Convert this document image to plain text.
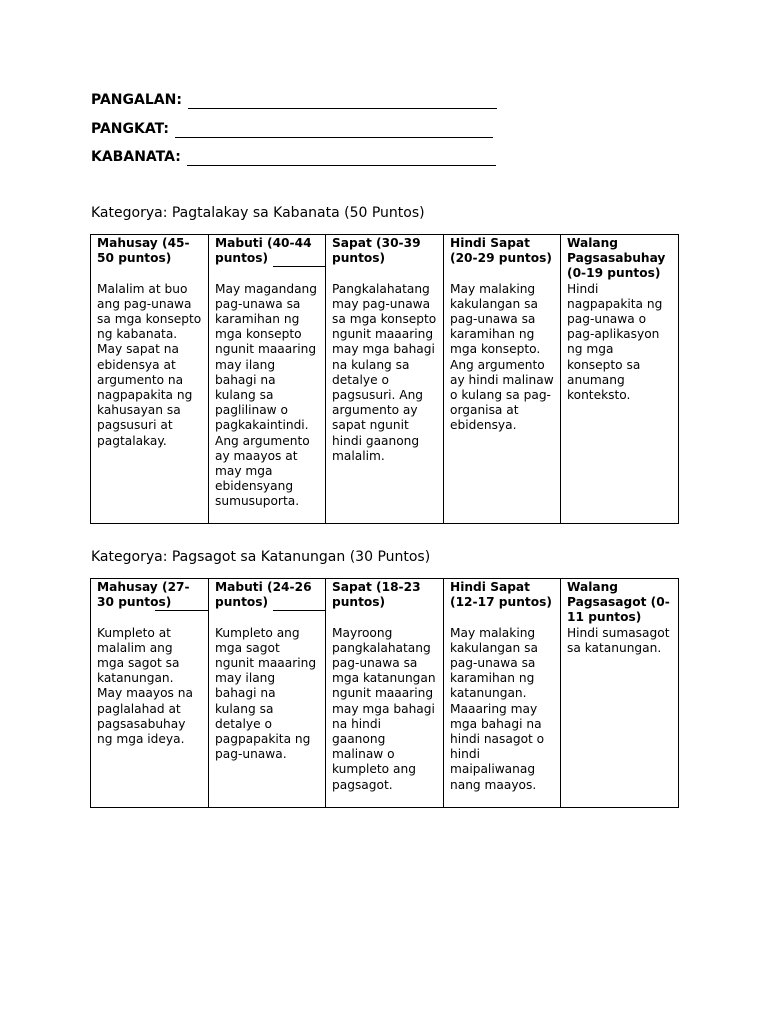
PANGALAN:
PANGKAT:
KABANATA:
Kategorya: Pagtalakay sa Kabanata (50 Puntos)
Mahusay (45-50 puntos)	Mabuti (40-44 puntos)	Sapat (30-39 puntos)	Hindi Sapat (20-29 puntos)	Walang Pagsasabuhay (0-19 puntos)
Malalim at buo ang pag-unawa sa mga konsepto ng kabanata. May sapat na ebidensya at argumento na nagpapakita ng kahusayan sa pagsusuri at pagtalakay.	May magandang pag-unawa sa karamihan ng mga konsepto ngunit maaaring may ilang bahagi na kulang sa paglilinaw o pagkakaintindi. Ang argumento ay maayos at may mga ebidensyang sumusuporta.	Pangkalahatang may pag-unawa sa mga konsepto ngunit maaaring may mga bahagi na kulang sa detalye o pagsusuri. Ang argumento ay sapat ngunit hindi gaanong malalim.	May malaking kakulangan sa pag-unawa sa karamihan ng mga konsepto. Ang argumento ay hindi malinaw o kulang sa pag-organisa at ebidensya.	Hindi nagpapakita ng pag-unawa o pag-aplikasyon ng mga konsepto sa anumang konteksto.
Kategorya: Pagsagot sa Katanungan (30 Puntos)
Mahusay (27-30 puntos)	Mabuti (24-26 puntos)	Sapat (18-23 puntos)	Hindi Sapat (12-17 puntos)	Walang Pagsasagot (0-11 puntos)
Kumpleto at malalim ang mga sagot sa katanungan. May maayos na paglalahad at pagsasabuhay ng mga ideya.	Kumpleto ang mga sagot ngunit maaaring may ilang bahagi na kulang sa detalye o pagpapakita ng pag-unawa.	Mayroong pangkalahatang pag-unawa sa mga katanungan ngunit maaaring may mga bahagi na hindi gaanong malinaw o kumpleto ang pagsagot.	May malaking kakulangan sa pag-unawa sa karamihan ng katanungan. Maaaring may mga bahagi na hindi nasagot o hindi maipaliwanag nang maayos.	Hindi sumasagot sa katanungan.
